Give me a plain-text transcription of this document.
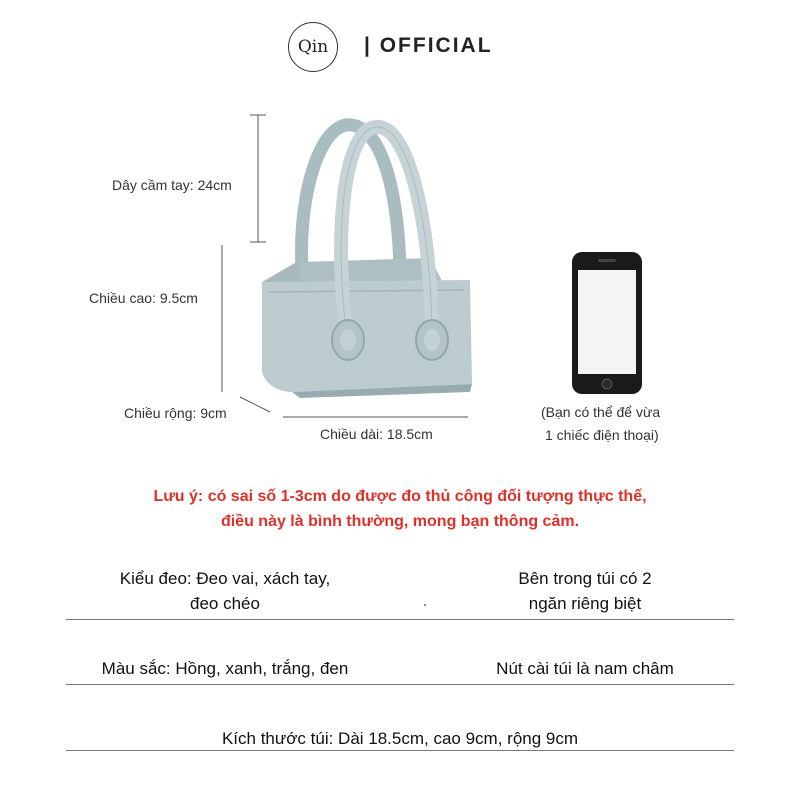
Qin | OFFICIAL
Dây cầm tay: 24cm
Chiều cao: 9.5cm
Chiều rộng: 9cm
Chiều dài: 18.5cm
(Bạn có thể để vừa
1 chiếc điện thoại)
Lưu ý: có sai số 1-3cm do được đo thủ công đối tượng thực thế,
điều này là bình thường, mong bạn thông cảm.
Kiểu đeo: Đeo vai, xách tay,
đeo chéo
Bên trong túi có 2
ngăn riêng biệt
Màu sắc: Hồng, xanh, trắng, đen	Nút cài túi là nam châm
Kích thước túi: Dài 18.5cm, cao 9cm, rộng 9cm
